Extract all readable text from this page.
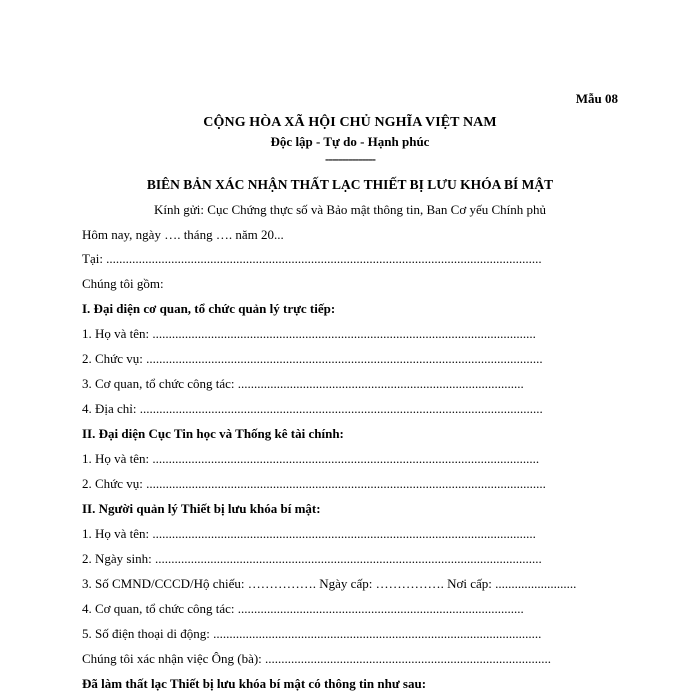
Mẫu 08
CỘNG HÒA XÃ HỘI CHỦ NGHĨA VIỆT NAM
Độc lập - Tự do - Hạnh phúc
---------------
BIÊN BẢN XÁC NHẬN THẤT LẠC THIẾT BỊ LƯU KHÓA BÍ MẬT
Kính gửi: Cục Chứng thực số và Bảo mật thông tin, Ban Cơ yếu Chính phủ
Hôm nay, ngày …. tháng …. năm 20...
Tại: ......................................................................................................................................
Chúng tôi gồm:
I. Đại diện cơ quan, tổ chức quản lý trực tiếp:
1. Họ và tên: ......................................................................................................................
2. Chức vụ: ..........................................................................................................................
3. Cơ quan, tổ chức công tác: ........................................................................................
4. Địa chỉ: ............................................................................................................................
II. Đại diện Cục Tin học và Thống kê tài chính:
1. Họ và tên: .......................................................................................................................
2. Chức vụ: ...........................................................................................................................
II. Người quản lý Thiết bị lưu khóa bí mật:
1. Họ và tên: ......................................................................................................................
2. Ngày sinh: .......................................................................................................................
3. Số CMND/CCCD/Hộ chiếu: ……………. Ngày cấp: ……………. Nơi cấp: .........................
4. Cơ quan, tổ chức công tác: ........................................................................................
5. Số điện thoại di động: .....................................................................................................
Chúng tôi xác nhận việc Ông (bà): ........................................................................................
Đã làm thất lạc Thiết bị lưu khóa bí mật có thông tin như sau:
